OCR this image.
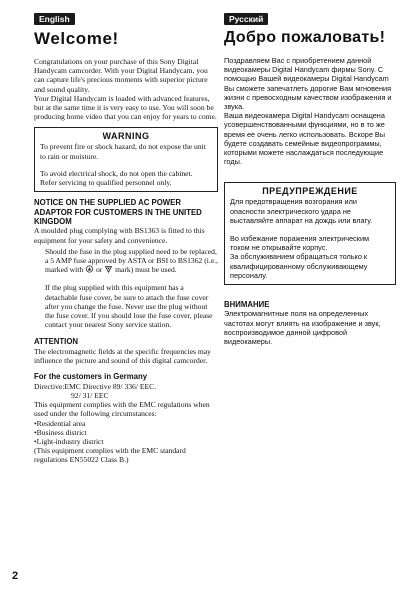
English
Welcome!

Congratulations on your purchase of this Sony Digital Handycam camcorder. With your Digital Handycam, you can capture life's precious moments with superior picture and sound quality.

Your Digital Handycam is loaded with advanced features, but at the same time it is very easy to use. You will soon be producing home video that you can enjoy for years to come.

WARNING

To prevent fire or shock hazard, do not expose the unit to rain or moisture.

To avoid electrical shock, do not open the cabinet.

Refer servicing to qualified personnel only.

NOTICE ON THE SUPPLIED AC POWER ADAPTOR FOR CUSTOMERS IN THE UNITED KINGDOM

A moulded plug complying with BS1363 is fitted to this equipment for your safety and convenience.

Should the fuse in the plug supplied need to be replaced, a 5 AMP fuse approved by ASTA or BSI to BS1362 (i.e., marked with or mark) must be used.

If the plug supplied with this equipment has a detachable fuse cover, be sure to attach the fuse cover after you change the fuse. Never use the plug without the fuse cover. If you should lose the fuse cover, please contact your nearest Sony service station.

ATTENTION

The electromagnetic fields at the specific frequencies may influence the picture and sound of this digital camcorder.

For the customers in Germany

Directive:EMC Directive 89/ 336/ EEC.

92/ 31/ EEC

This equipment complies with the EMC regulations when used under the following circumstances:

• Residential area
• Business district
• Light-industry district

(This equipment complies with the EMC standard regulations EN55022 Class B.)

Русский
Добро пожаловать!

Поздравляем Вас с приобретением данной видеокамеры Digital Handycam фирмы Sony. С помощью Вашей видеокамеры Digital Handycam Вы сможете запечатлеть дорогие Вам мгновения жизни с превосходным качеством изображения и звука.

Ваша видеокамера Digital Handycam оснащена усовершенствованными функциями, но в то же время ее очень легко использовать. Вскоре Вы будете создавать семейные видеопрограммы, которыми можете наслаждаться последующие годы.

ПРЕДУПРЕЖДЕНИЕ

Для предотвращения возгорания или опасности электрического удара не выставляйте аппарат на дождь или влагу.

Во избежание поражения электрическим током не открывайте корпус.

За обслуживанием обращаться только к квалифицированному обслуживающему персоналу.

ВНИМАНИЕ

Электромагнитные поля на определенных частотах могут влиять на изображение и звук, воспроизводимое данной цифровой видеокамеры.

2
